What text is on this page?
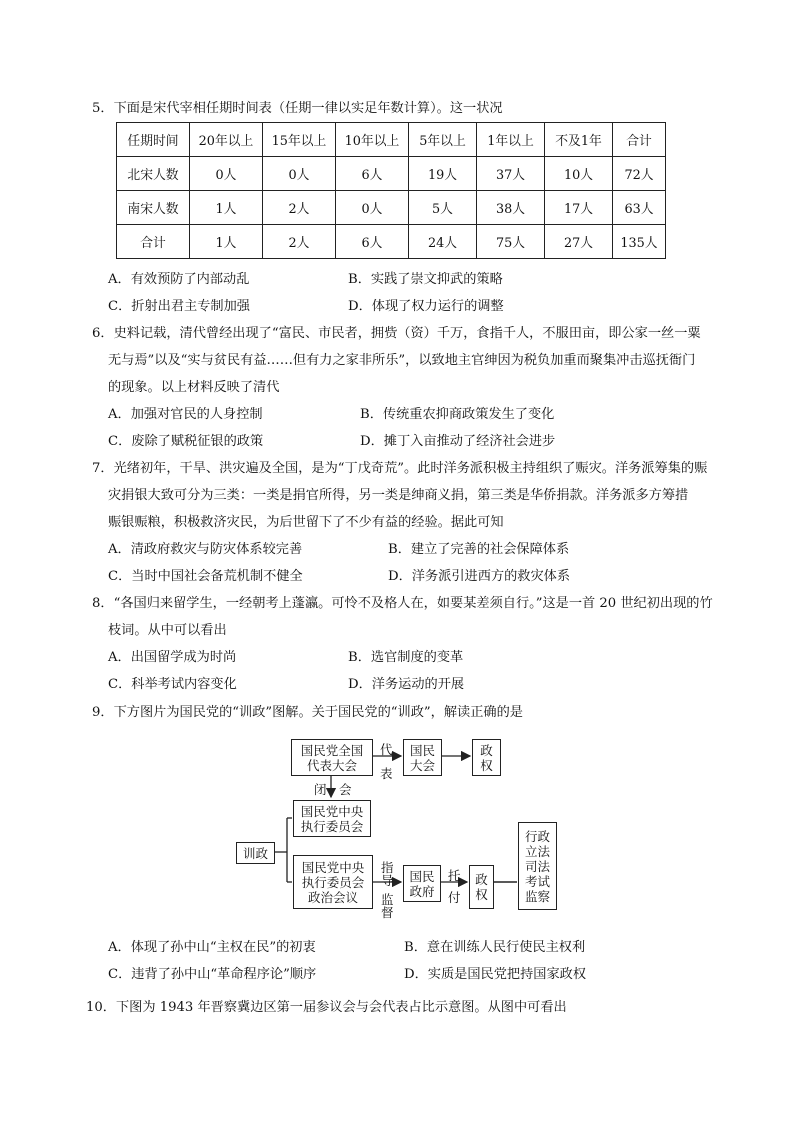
5．下面是宋代宰相任期时间表（任期一律以实足年数计算）。这一状况
任期时间	20年以上	15年以上	10年以上	5年以上	1年以上	不及1年	合计
北宋人数	0人	0人	6人	19人	37人	10人	72人
南宋人数	1人	2人	0人	5人	38人	17人	63人
合计	1人	2人	6人	24人	75人	27人	135人
A．有效预防了内部动乱	B．实践了崇文抑武的策略
C．折射出君主专制加强	D．体现了权力运行的调整
6．史料记载，清代曾经出现了“富民、市民者，拥赀（资）千万，食指千人，不服田亩，即公家一丝一粟
无与焉”以及“实与贫民有益……但有力之家非所乐”，以致地主官绅因为税负加重而聚集冲击巡抚衙门
的现象。以上材料反映了清代
A．加强对官民的人身控制	B．传统重农抑商政策发生了变化
C．废除了赋税征银的政策	D．摊丁入亩推动了经济社会进步
7．光绪初年，干旱、洪灾遍及全国，是为“丁戊奇荒”。此时洋务派积极主持组织了赈灾。洋务派筹集的赈
灾捐银大致可分为三类：一类是捐官所得，另一类是绅商义捐，第三类是华侨捐款。洋务派多方筹措
赈银赈粮，积极救济灾民，为后世留下了不少有益的经验。据此可知
A．清政府救灾与防灾体系较完善	B．建立了完善的社会保障体系
C．当时中国社会备荒机制不健全	D．洋务派引进西方的救灾体系
8．“各国归来留学生，一经朝考上蓬瀛。可怜不及格人在，如要某差须自行。”这是一首 20 世纪初出现的竹
枝词。从中可以看出
A．出国留学成为时尚	B．选官制度的变革
C．科举考试内容变化	D．洋务运动的开展
9．下方图片为国民党的“训政”图解。关于国民党的“训政”，解读正确的是
国民党全国
代表大会
代
表
国民
大会
政
权
闭　会
国民党中央
执行委员会
训政
国民党中央
执行委员会
政治会议
指
导
监
督
国民
政府
托
付
政
权
行政
立法
司法
考试
监察
A．体现了孙中山“主权在民”的初衷	B．意在训练人民行使民主权利
C．违背了孙中山“革命程序论”顺序	D．实质是国民党把持国家政权
10．下图为 1943 年晋察冀边区第一届参议会与会代表占比示意图。从图中可看出
